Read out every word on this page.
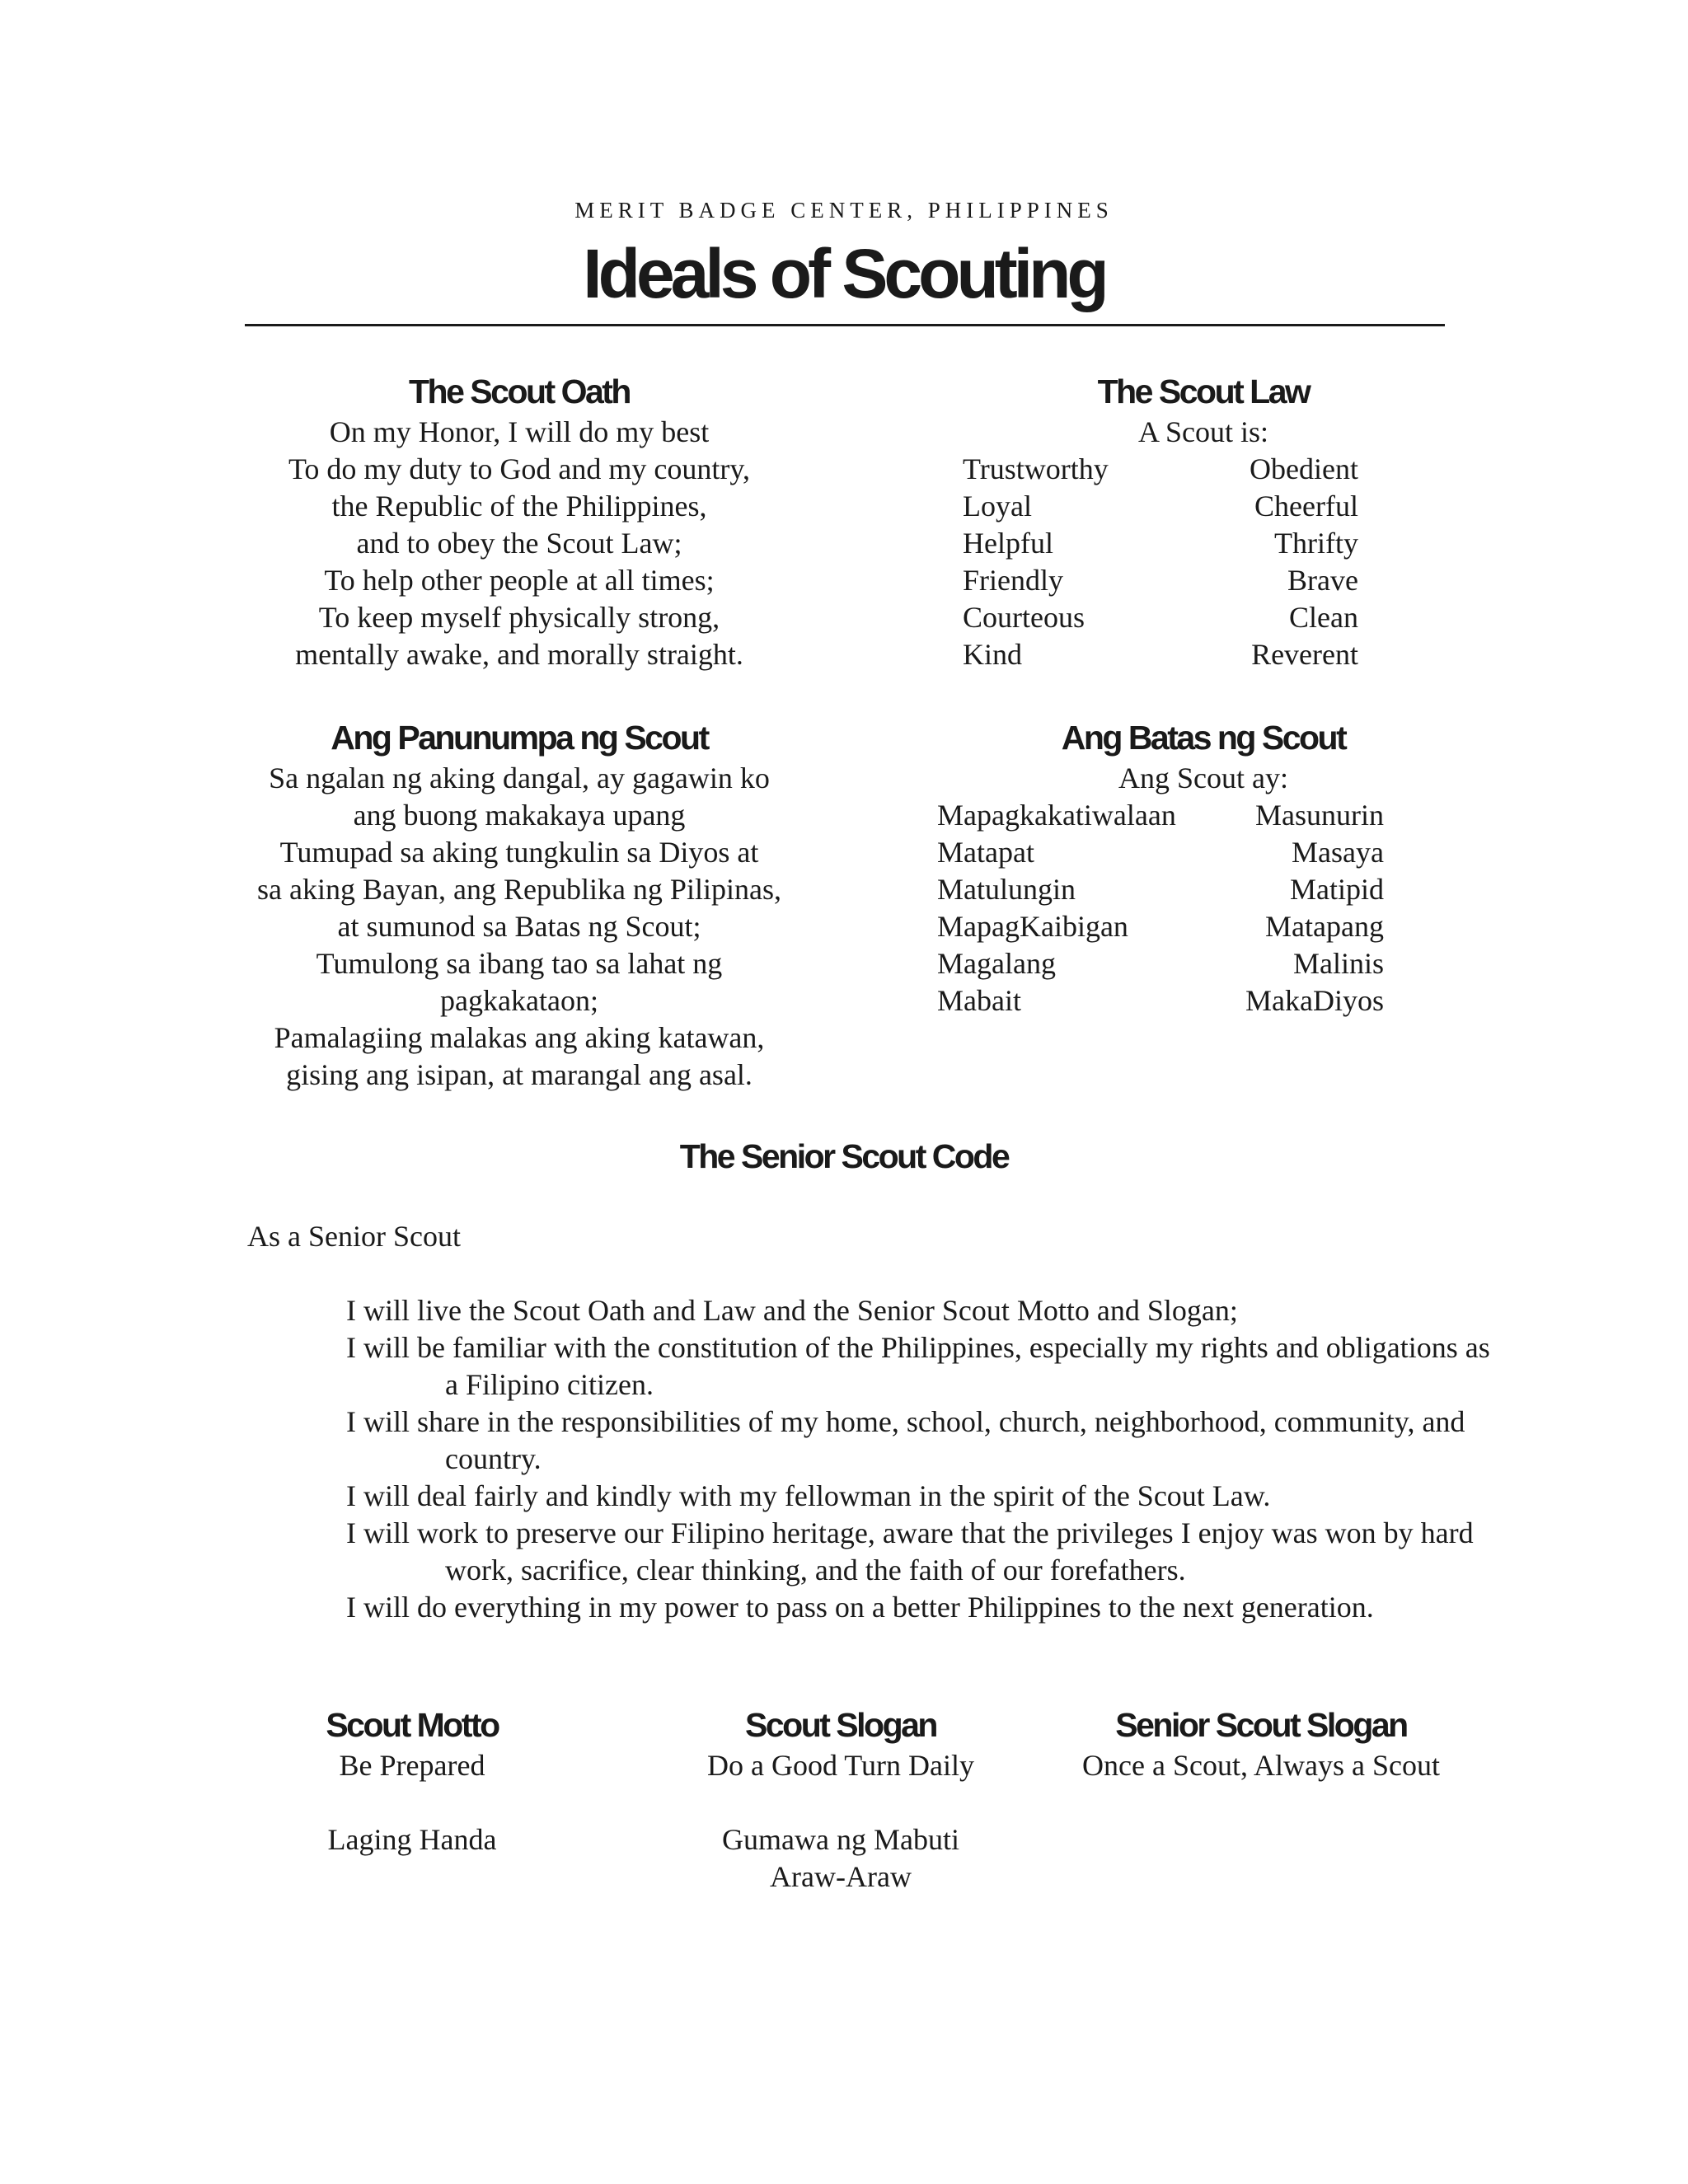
MERIT BADGE CENTER, PHILIPPINES
Ideals of Scouting
The Scout Oath
On my Honor, I will do my best
To do my duty to God and my country,
the Republic of the Philippines,
and to obey the Scout Law;
To help other people at all times;
To keep myself physically strong,
mentally awake, and morally straight.
The Scout Law
A Scout is:
Trustworthy	Obedient
Loyal	Cheerful
Helpful	Thrifty
Friendly	Brave
Courteous	Clean
Kind	Reverent
Ang Panunumpa ng Scout
Sa ngalan ng aking dangal, ay gagawin ko
ang buong makakaya upang
Tumupad sa aking tungkulin sa Diyos at
sa aking Bayan, ang Republika ng Pilipinas,
at sumunod sa Batas ng Scout;
Tumulong sa ibang tao sa lahat ng
pagkakataon;
Pamalagiing malakas ang aking katawan,
gising ang isipan, at marangal ang asal.
Ang Batas ng Scout
Ang Scout ay:
Mapagkakatiwalaan	Masunurin
Matapat	Masaya
Matulungin	Matipid
MapagKaibigan	Matapang
Magalang	Malinis
Mabait	MakaDiyos
The Senior Scout Code
As a Senior Scout
I will live the Scout Oath and Law and the Senior Scout Motto and Slogan;
I will be familiar with the constitution of the Philippines, especially my rights and obligations as a Filipino citizen.
I will share in the responsibilities of my home, school, church, neighborhood, community, and country.
I will deal fairly and kindly with my fellowman in the spirit of the Scout Law.
I will work to preserve our Filipino heritage, aware that the privileges I enjoy was won by hard work, sacrifice, clear thinking, and the faith of our forefathers.
I will do everything in my power to pass on a better Philippines to the next generation.
Scout Motto
Be Prepared
Laging Handa
Scout Slogan
Do a Good Turn Daily
Gumawa ng Mabuti
Araw-Araw
Senior Scout Slogan
Once a Scout, Always a Scout
